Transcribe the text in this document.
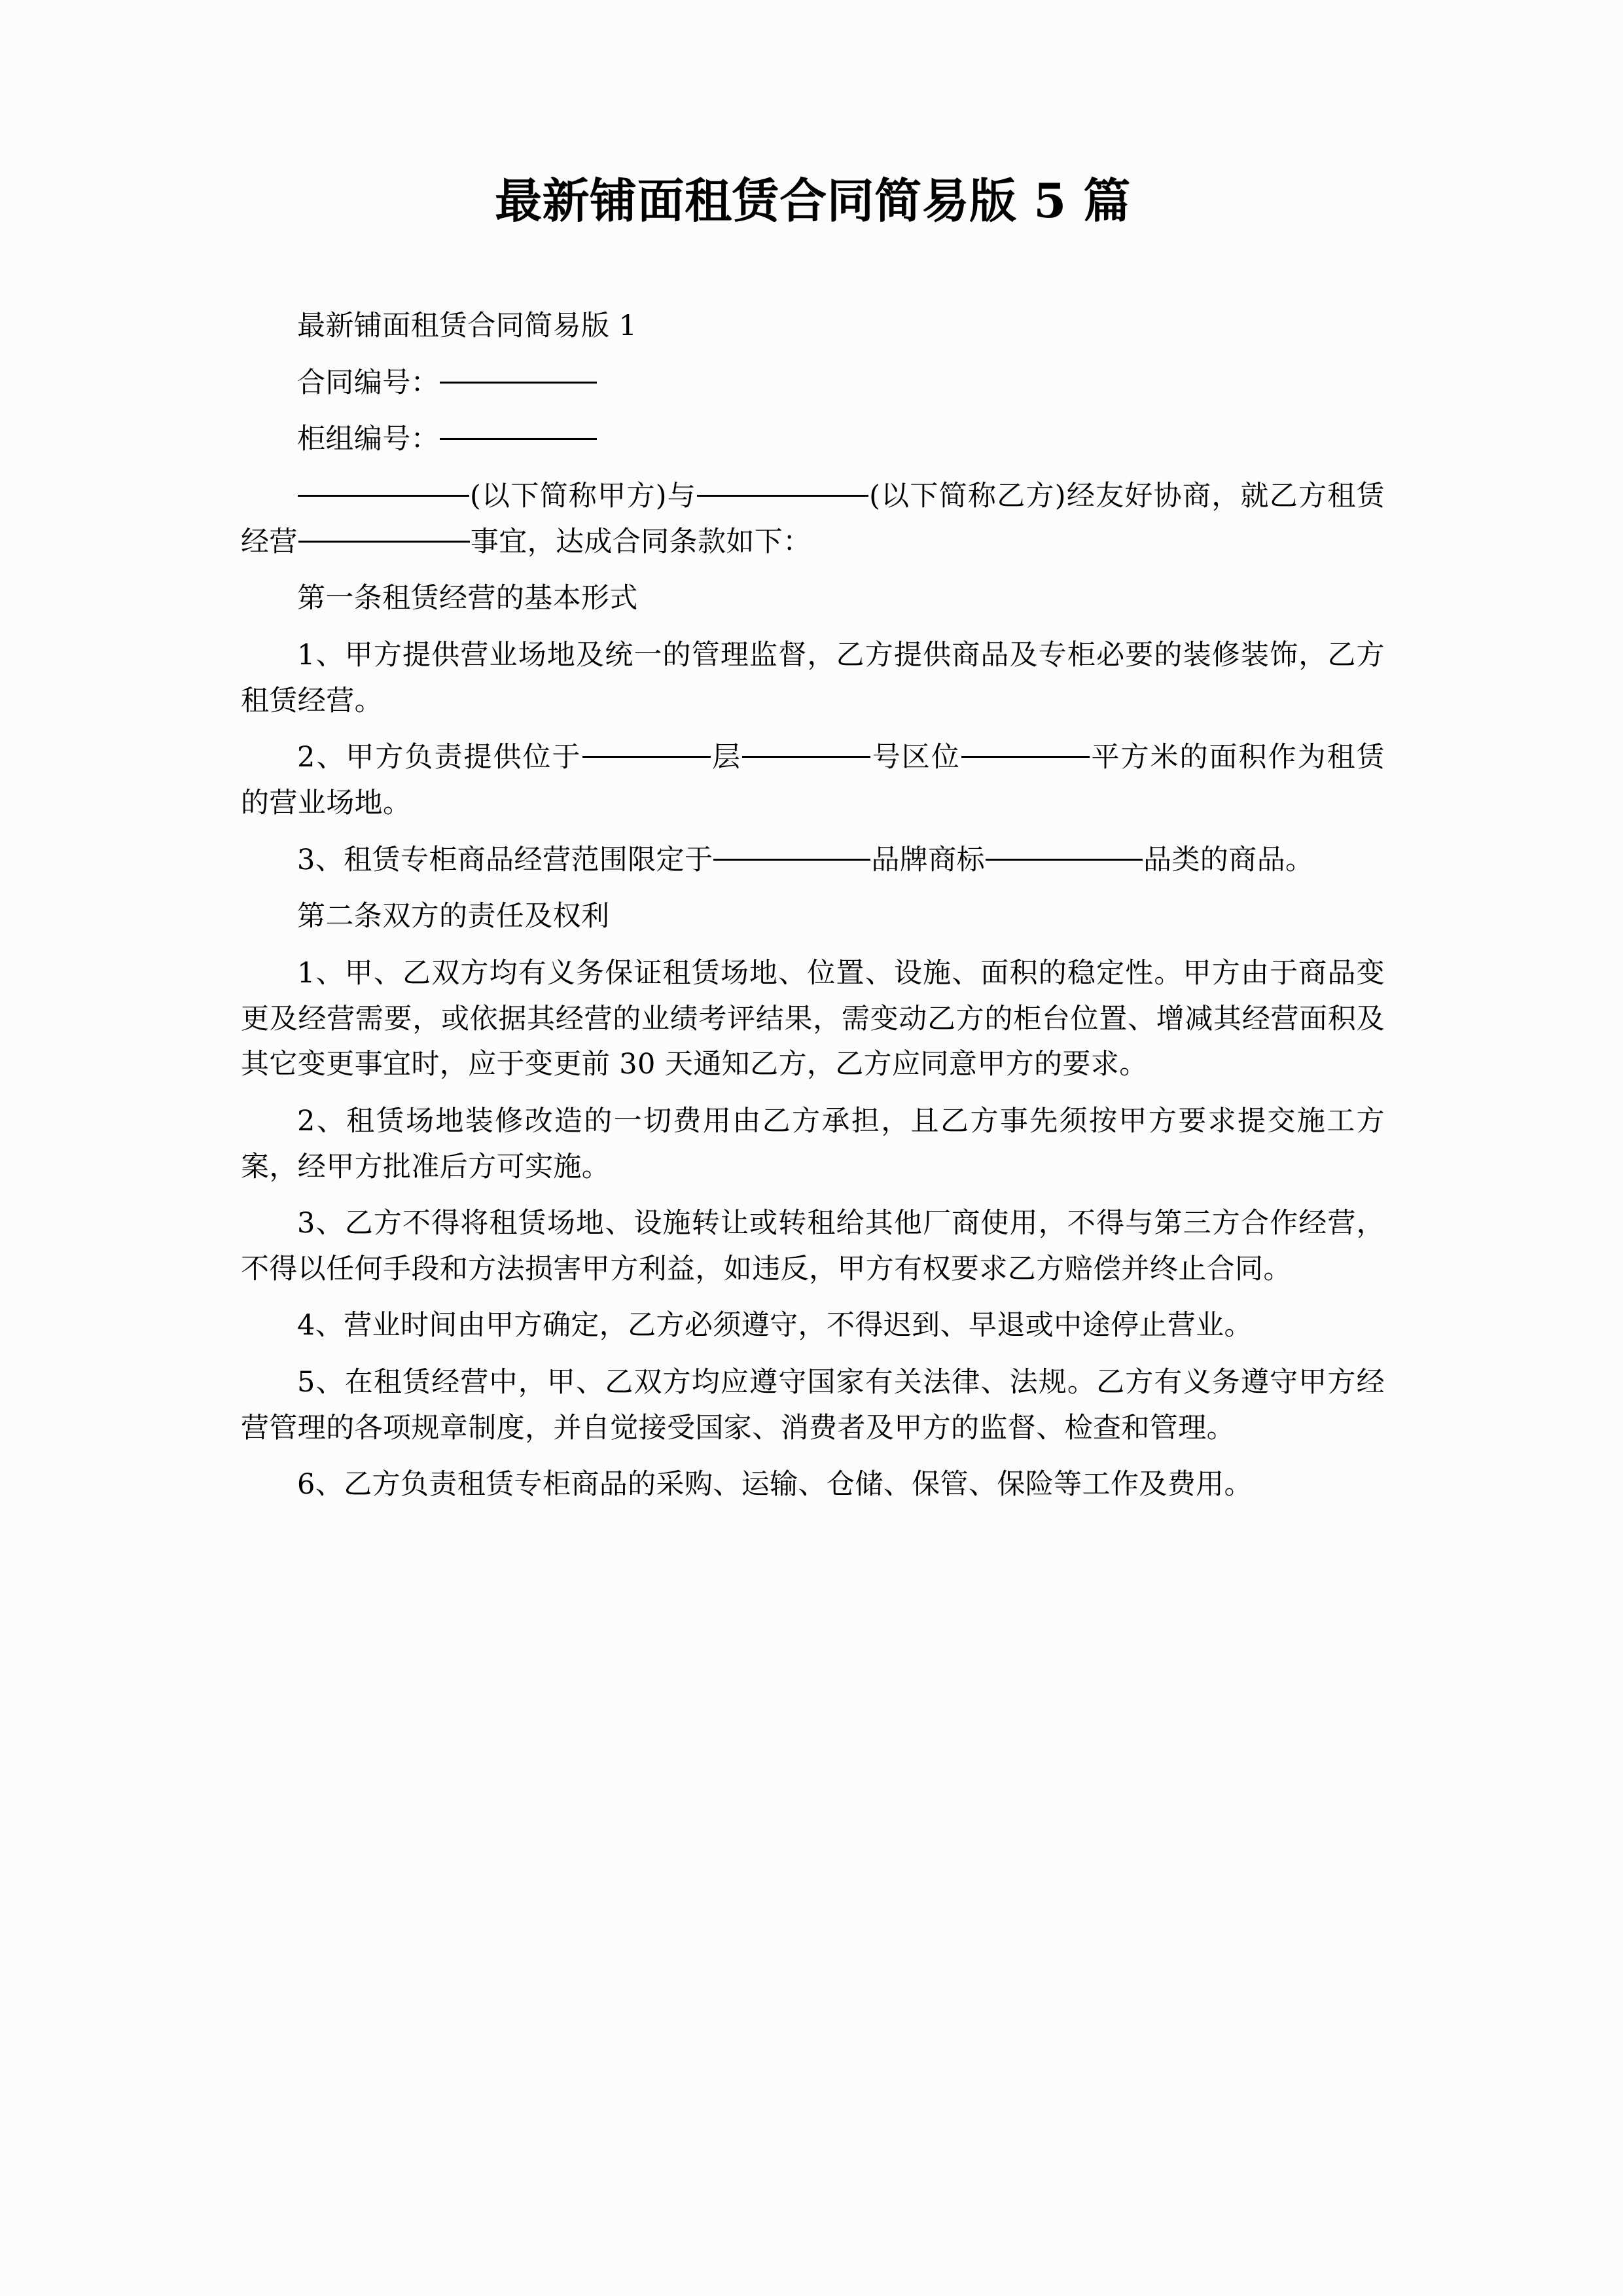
最新铺面租赁合同简易版 5 篇

最新铺面租赁合同简易版 1

合同编号：

柜组编号：

(以下简称甲方)与	(以下简称乙方)经友好协商，就乙方租赁经营	事宜，达成合同条款如下：

第一条租赁经营的基本形式

1、甲方提供营业场地及统一的管理监督，乙方提供商品及专柜必要的装修装饰，乙方租赁经营。

2、甲方负责提供位于	层	号区位	平方米的面积作为租赁的营业场地。

3、租赁专柜商品经营范围限定于	品牌商标	品类的商品。

第二条双方的责任及权利

1、甲、乙双方均有义务保证租赁场地、位置、设施、面积的稳定性。甲方由于商品变更及经营需要，或依据其经营的业绩考评结果，需变动乙方的柜台位置、增减其经营面积及其它变更事宜时，应于变更前 30 天通知乙方，乙方应同意甲方的要求。

2、租赁场地装修改造的一切费用由乙方承担，且乙方事先须按甲方要求提交施工方案，经甲方批准后方可实施。

3、乙方不得将租赁场地、设施转让或转租给其他厂商使用，不得与第三方合作经营，不得以任何手段和方法损害甲方利益，如违反，甲方有权要求乙方赔偿并终止合同。

4、营业时间由甲方确定，乙方必须遵守，不得迟到、早退或中途停止营业。

5、在租赁经营中，甲、乙双方均应遵守国家有关法律、法规。乙方有义务遵守甲方经营管理的各项规章制度，并自觉接受国家、消费者及甲方的监督、检查和管理。

6、乙方负责租赁专柜商品的采购、运输、仓储、保管、保险等工作及费用。
